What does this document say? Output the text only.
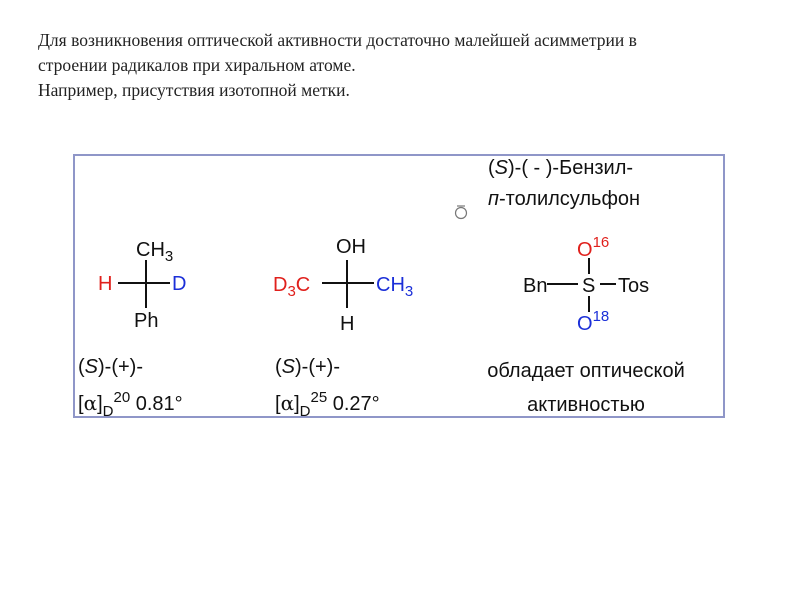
Для возникновения оптической активности достаточно малейшей асимметрии в

строении радикалов при хиральном атоме.

Например, присутствия изотопной метки.

$CH_3$
H	D
Ph
(S)-(+)-
$[\alpha]_D^{20}$ 0.81°
OH
$D_3C$	$CH_3$
H
(S)-(+)-
$[\alpha]_D^{25}$ 0.27°
(S)-( - )-Бензил-
п-толилсульфон
Bn S Tos
$O^{16}$
$O^{18}$
обладает оптической
активностью
